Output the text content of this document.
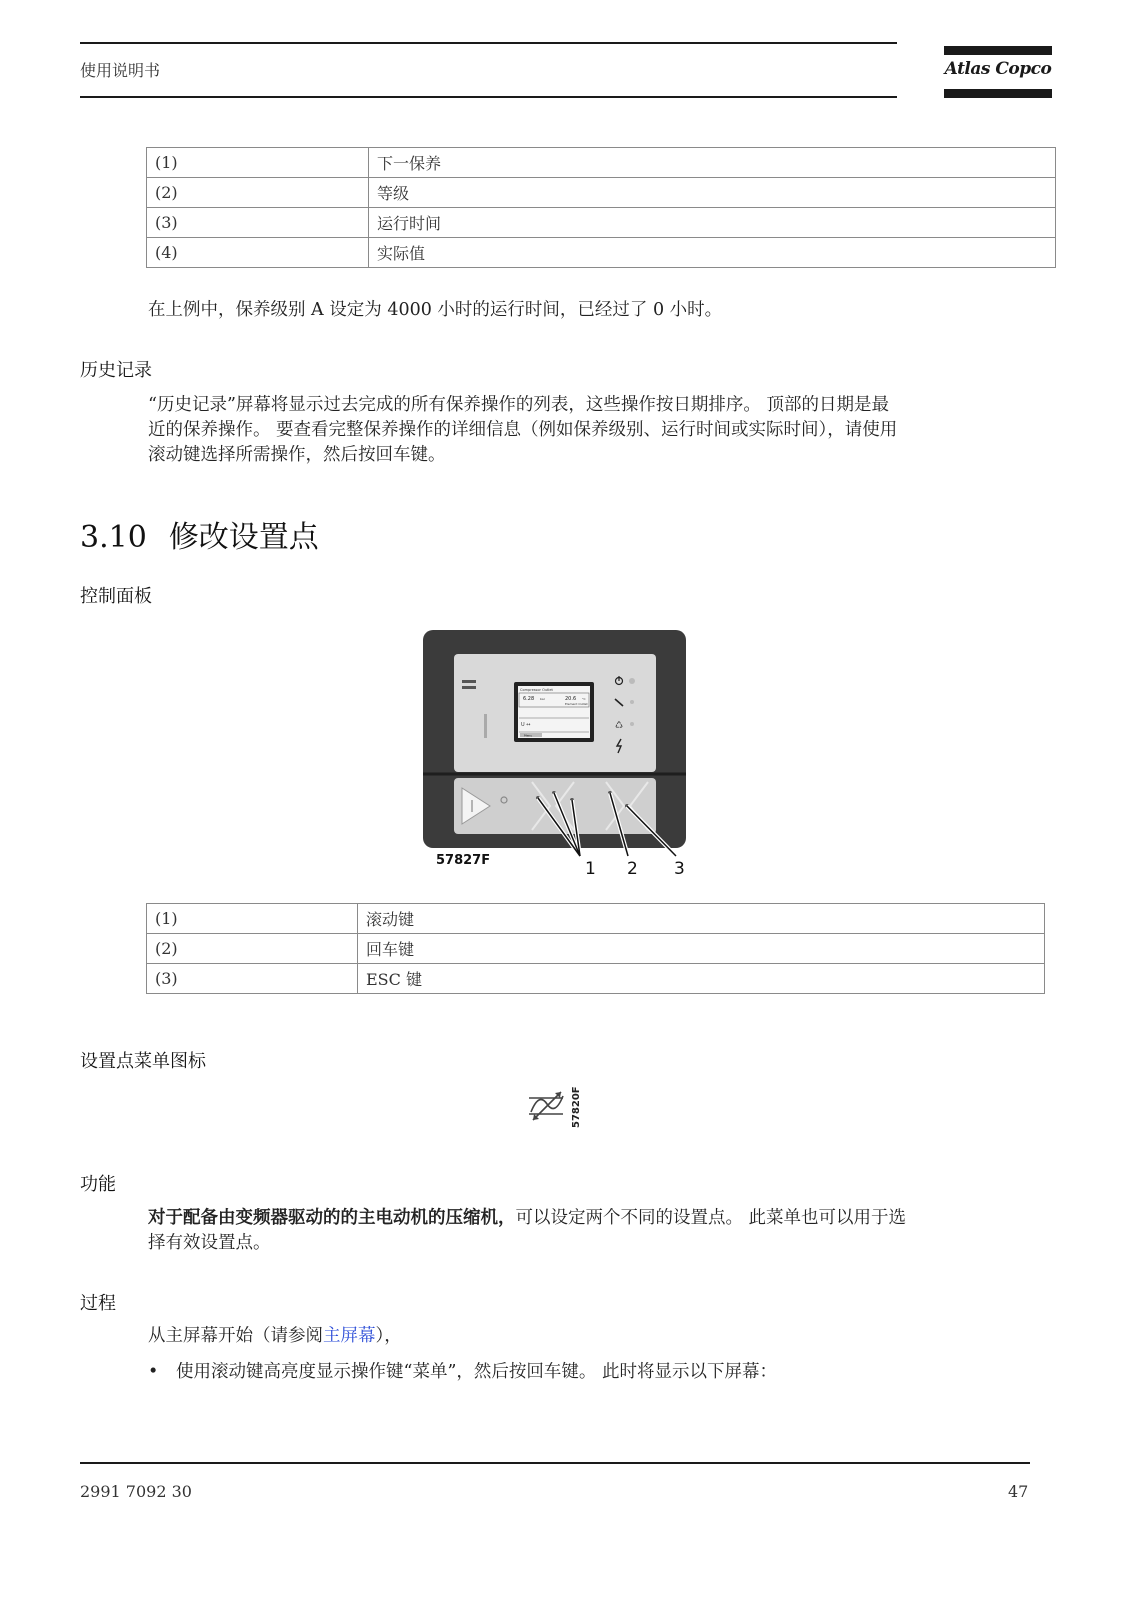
使用说明书	Atlas Copco
(1)	下一保养
(2)	等级
(3)	运行时间
(4)	实际值
在上例中，保养级别 A 设定为 4000 小时的运行时间，已经过了 0 小时。
历史记录
“历史记录”屏幕将显示过去完成的所有保养操作的列表，这些操作按日期排序。 顶部的日期是最
近的保养操作。 要查看完整保养操作的详细信息（例如保养级别、运行时间或实际时间），请使用
滚动键选择所需操作，然后按回车键。
3.10 修改设置点
控制面板
Compressor Outlet
6.28 bar	20.6 °C
Element Outlet
U ↔
Menu
♺
57827F	1 2 3
(1)	滚动键
(2)	回车键
(3)	ESC 键
设置点菜单图标
57820F
功能
对于配备由变频器驱动的的主电动机的压缩机，可以设定两个不同的设置点。 此菜单也可以用于选
择有效设置点。
过程
从主屏幕开始（请参阅主屏幕），
• 使用滚动键高亮度显示操作键“菜单”，然后按回车键。 此时将显示以下屏幕：
2991 7092 30	47
